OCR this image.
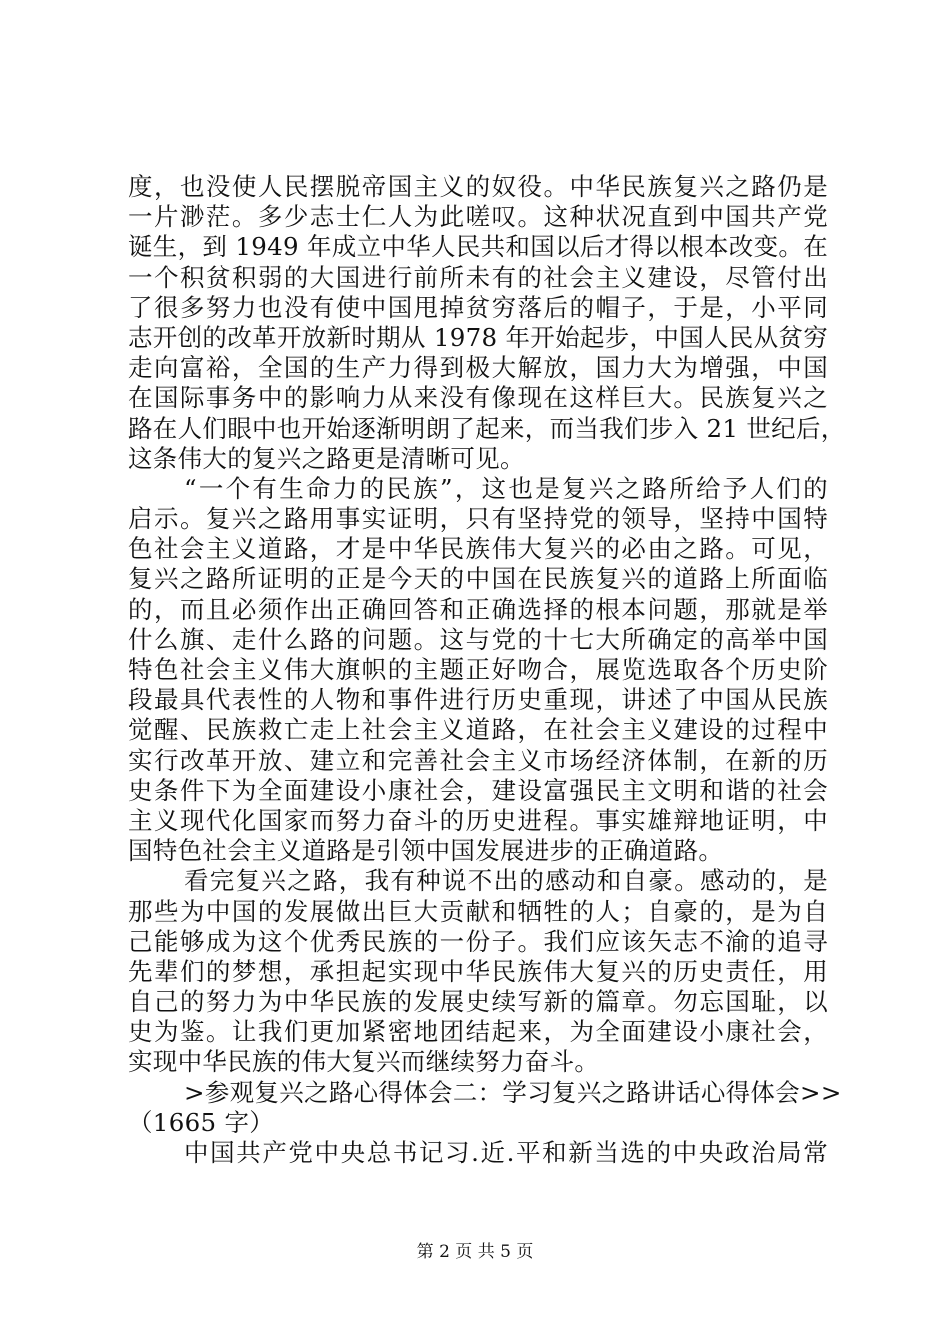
度，也没使人民摆脱帝国主义的奴役。中华民族复兴之路仍是
一片渺茫。多少志士仁人为此嗟叹。这种状况直到中国共产党
诞生，到 1949 年成立中华人民共和国以后才得以根本改变。在
一个积贫积弱的大国进行前所未有的社会主义建设，尽管付出
了很多努力也没有使中国甩掉贫穷落后的帽子，于是，小平同
志开创的改革开放新时期从 1978 年开始起步，中国人民从贫穷
走向富裕，全国的生产力得到极大解放，国力大为增强，中国
在国际事务中的影响力从来没有像现在这样巨大。民族复兴之
路在人们眼中也开始逐渐明朗了起来，而当我们步入 21 世纪后，
这条伟大的复兴之路更是清晰可见。
“一个有生命力的民族”，这也是复兴之路所给予人们的
启示。复兴之路用事实证明，只有坚持党的领导，坚持中国特
色社会主义道路，才是中华民族伟大复兴的必由之路。可见，
复兴之路所证明的正是今天的中国在民族复兴的道路上所面临
的，而且必须作出正确回答和正确选择的根本问题，那就是举
什么旗、走什么路的问题。这与党的十七大所确定的高举中国
特色社会主义伟大旗帜的主题正好吻合，展览选取各个历史阶
段最具代表性的人物和事件进行历史重现，讲述了中国从民族
觉醒、民族救亡走上社会主义道路，在社会主义建设的过程中
实行改革开放、建立和完善社会主义市场经济体制，在新的历
史条件下为全面建设小康社会，建设富强民主文明和谐的社会
主义现代化国家而努力奋斗的历史进程。事实雄辩地证明，中
国特色社会主义道路是引领中国发展进步的正确道路。
看完复兴之路，我有种说不出的感动和自豪。感动的，是
那些为中国的发展做出巨大贡献和牺牲的人；自豪的，是为自
己能够成为这个优秀民族的一份子。我们应该矢志不渝的追寻
先辈们的梦想，承担起实现中华民族伟大复兴的历史责任，用
自己的努力为中华民族的发展史续写新的篇章。勿忘国耻，以
史为鉴。让我们更加紧密地团结起来，为全面建设小康社会，
实现中华民族的伟大复兴而继续努力奋斗。
>参观复兴之路心得体会二：学习复兴之路讲话心得体会>>
（1665 字）
中国共产党中央总书记习.近.平和新当选的中央政治局常
第 2 页 共 5 页
